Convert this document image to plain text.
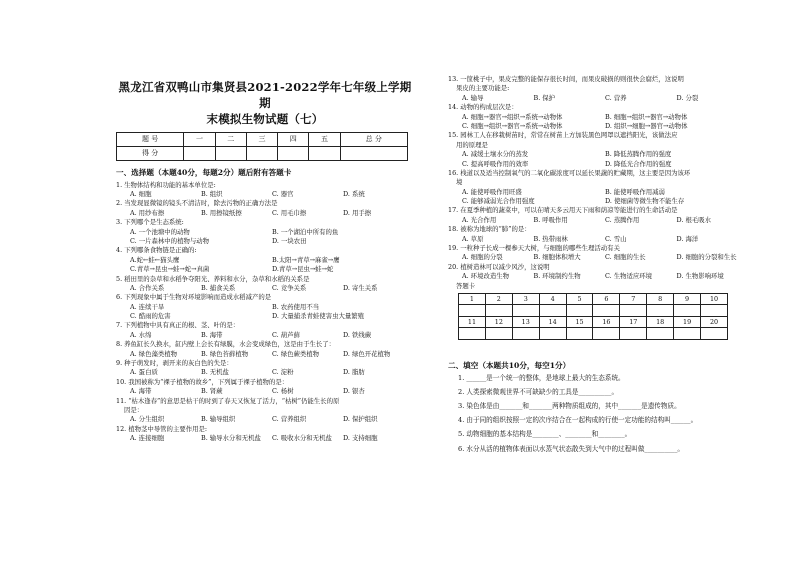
黑龙江省双鸭山市集贤县2021-2022学年七年级上学期期
末模拟生物试题（七）
题 号	一	二	三	四	五	总 分
得 分						
一、选择题（本题40分，每题2分）题后附有答题卡
1. 生物体结构和功能的基本单位是:
A. 细胞	B. 组织	C. 器官	D. 系统
2. 当发现显微镜的镜头不清洁时，除去污物的正确方法是
A. 用纱布擦	B. 用擦镜纸擦	C. 用毛巾擦	D. 用手擦
3. 下列哪个是生态系统:
A. 一个池塘中的动物	B. 一个湖泊中所有的鱼
C. 一片森林中的植物与动物	D. 一块农田
4. 下列哪条食物链是正确的:
A.蛇←蛙←猫头鹰	B.太阳→青草→麻雀→鹰
C.青草→昆虫→蛙→蛇→真菌	D.青草→昆虫→蛙→蛇
5. 稻田里的杂草和水稻争夺阳光、养料和水分，杂草和水稻的关系是
A. 合作关系	B. 捕食关系	C. 竞争关系	D. 寄生关系
6. 下列现象中属于生物对环境影响而造成水稻减产的是
A. 连续干旱	B. 农药使用不当
C. 酷雨的危害	D. 大量捕杀青蛙使害虫大量繁殖
7. 下列植物中具有真正的根、茎、叶的是：
A. 水绵	B. 海带	C. 葫芦藓	D. 铁线蕨
8. 养鱼缸长久换水，缸内壁上会长有绿膜，水会变成绿色，这是由于生长了：
A. 绿色藻类植物	B. 绿色苔藓植物	C. 绿色蕨类植物	D. 绿色开花植物
9. 种子萌发时，剥开来的灰白色的失是：
A. 蛋白质	B. 无机盐	C. 淀粉	D. 脂肪
10. 我国被称为“裸子植物的故乡”，下列属于裸子植物的是：
A. 海带	B. 肾蕨	C. 杨树	D. 银杏
11. “枯木逢春”的意思是枯干的时到了春天又恢复了活力，“枯树”仍能生长的原
因是：
A. 分生组织	B. 输导组织	C. 营养组织	D. 保护组织
12. 植物茎中导管的主要作用是:
A. 连接细胞	B. 输导水分和无机盐	C. 吸收水分和无机盐	D. 支持细胞
13. 一筐桃子中，果皮完整的能保存很长时间，而果皮破损的则很快会腐烂，这说明
果皮的主要功能是:
A. 输导	B. 保护	C. 营养	D. 分裂
14. 动物的构成层次是：
A. 细胞→器官→组织→系统→动物体	B. 细胞→组织→器官→动物体
C. 细胞→组织→器官→系统→动物体	D. 组织→细胞→器官→动物体
15. 园林工人在移栽树苗时，常常在树苗上方加装黑色网罩以遮挡阳光，该做法应
用的原理是
A. 减缓土壤水分的蒸发	B. 降低蒸腾作用的强度
C. 提高呼吸作用的效率	D. 降低光合作用的强度
16. 栈道以及适当控制氧气的二氧化碳浓度可以延长果蔬的贮藏期，这主要是因为该环
境
A. 能使呼吸作用旺盛	B. 能使呼吸作用减弱
C. 能够减弱光合作用强度	D. 使细菌等微生物不能生存
17. 在夏季种植的蔬菜中，可以在晴天多云用天下雨和荫凉等能进行的生命活动是
A. 光合作用	B. 呼吸作用	C. 蒸腾作用	D. 根毛吸水
18. 被称为地球的“肺”的是：
A. 草原	B. 热带雨林	C. 雪山	D. 海洋
19. 一粒种子长成一棵参天大树，与细胞的哪些生理活动有关
A. 细胞的分裂	B. 细胞体积增大	C. 细胞的生长	D. 细胞的分裂和生长
20. 植树造林可以减少风沙，这说明
A. 环境改造生物	B. 环境制约生物	C. 生物适应环境	D. 生物影响环境
答题卡
1	2	3	4	5	6	7	8	9	10

11	12	13	14	15	16	17	18	19	20

二、填空（本题共10分，每空1分）
1. ______是一个统一的整体，是地球上最大的生态系统。
2. 人类探索微观世界不可缺缺少的工具是__________。
3. 染色体是由_______和_______两种物质组成的，其中_______是遗传物质。
4. 由于同的组织按照一定的次序结合在一起构成的行使一定功能的结构叫______。
5. 动物细胞的基本结构是________、________和________。
6. 水分从活的植物体表面以水蒸气状态散失到大气中的过程叫做__________。
